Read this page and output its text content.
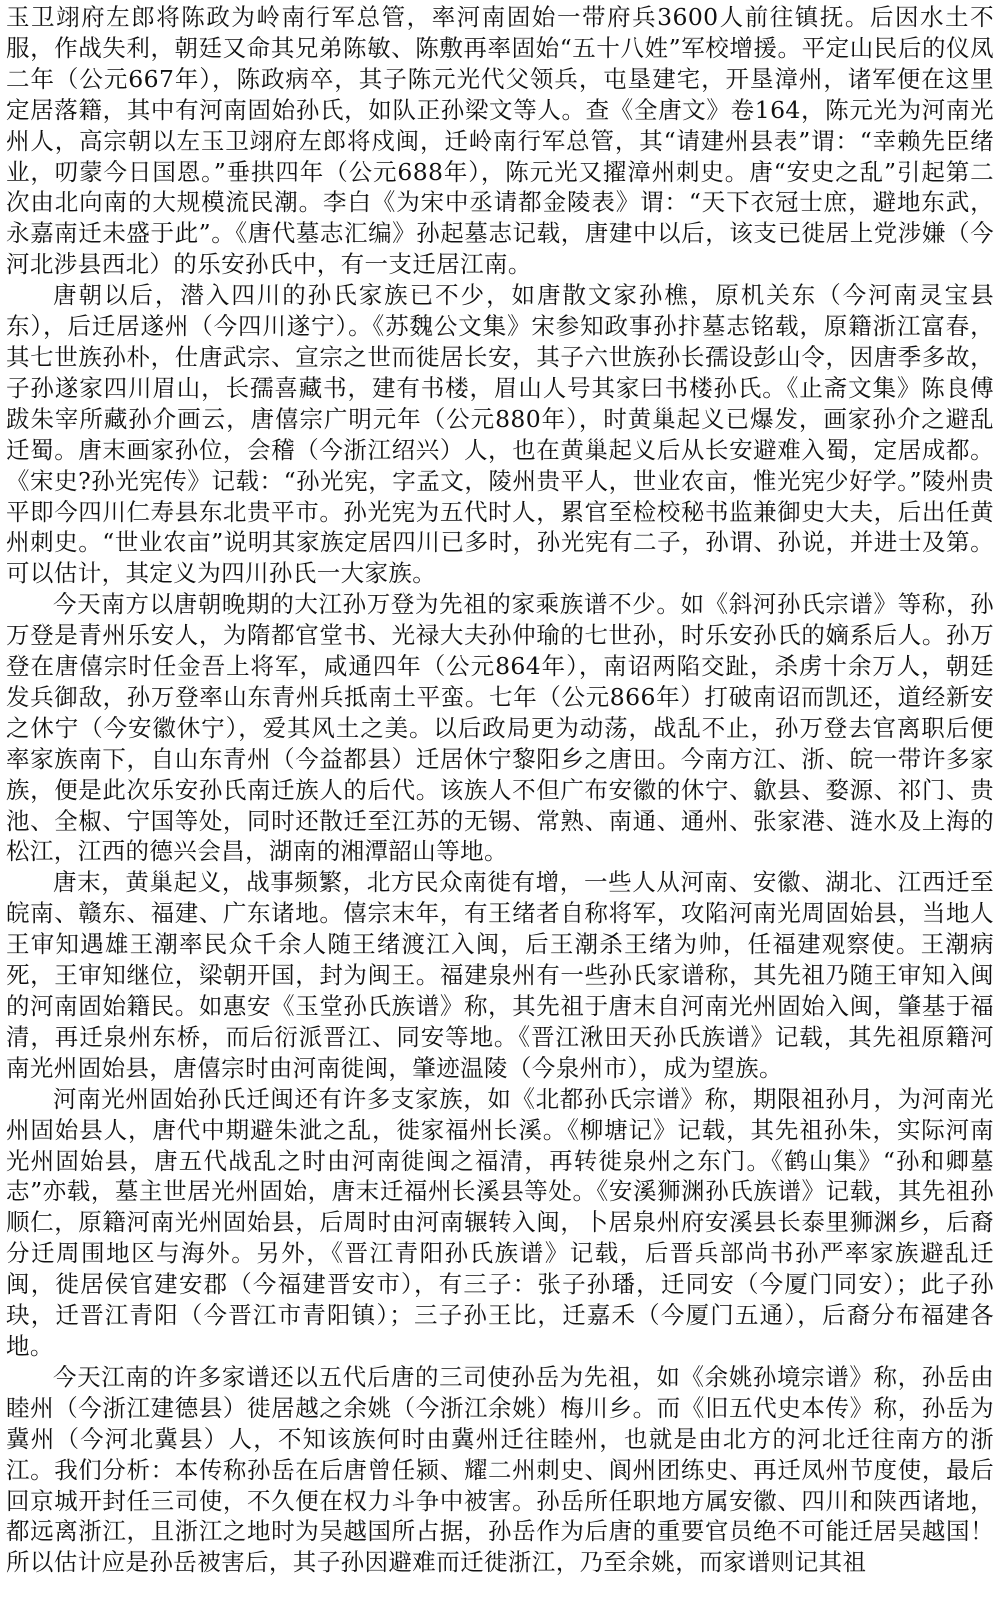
玉卫翊府左郎将陈政为岭南行军总管，率河南固始一带府兵3600人前往镇抚。后因水土不服，作战失利，朝廷又命其兄弟陈敏、陈敷再率固始“五十八姓”军校增援。平定山民后的仪凤二年（公元667年），陈政病卒，其子陈元光代父领兵，屯垦建宅，开垦漳州，诸军便在这里定居落籍，其中有河南固始孙氏，如队正孙梁文等人。查《全唐文》卷164，陈元光为河南光州人，高宗朝以左玉卫翊府左郎将戍闽，迁岭南行军总管，其“请建州县表”谓：“幸赖先臣绪业，叨蒙今日国恩。”垂拱四年（公元688年），陈元光又擢漳州刺史。唐“安史之乱”引起第二次由北向南的大规模流民潮。李白《为宋中丞请都金陵表》谓：“天下衣冠士庶，避地东武，永嘉南迁未盛于此”。《唐代墓志汇编》孙起墓志记载，唐建中以后，该支已徙居上党涉嫌（今河北涉县西北）的乐安孙氏中，有一支迁居江南。

唐朝以后，潜入四川的孙氏家族已不少，如唐散文家孙樵，原机关东（今河南灵宝县东），后迁居遂州（今四川遂宁）。《苏魏公文集》宋参知政事孙抃墓志铭载，原籍浙江富春，其七世族孙朴，仕唐武宗、宣宗之世而徙居长安，其子六世族孙长孺设彭山令，因唐季多故，子孙遂家四川眉山，长孺喜藏书，建有书楼，眉山人号其家曰书楼孙氏。《止斋文集》陈良傅跋朱宰所藏孙介画云，唐僖宗广明元年（公元880年），时黄巢起义已爆发，画家孙介之避乱迁蜀。唐末画家孙位，会稽（今浙江绍兴）人，也在黄巢起义后从长安避难入蜀，定居成都。《宋史?孙光宪传》记载：“孙光宪，字孟文，陵州贵平人，世业农亩，惟光宪少好学。”陵州贵平即今四川仁寿县东北贵平市。孙光宪为五代时人，累官至检校秘书监兼御史大夫，后出任黄州刺史。“世业农亩”说明其家族定居四川已多时，孙光宪有二子，孙谓、孙说，并进士及第。可以估计，其定义为四川孙氏一大家族。

今天南方以唐朝晚期的大江孙万登为先祖的家乘族谱不少。如《斜河孙氏宗谱》等称，孙万登是青州乐安人，为隋都官堂书、光禄大夫孙仲瑜的七世孙，时乐安孙氏的嫡系后人。孙万登在唐僖宗时任金吾上将军，咸通四年（公元864年），南诏两陷交趾，杀虏十余万人，朝廷发兵御敌，孙万登率山东青州兵抵南土平蛮。七年（公元866年）打破南诏而凯还，道经新安之休宁（今安徽休宁），爱其风土之美。以后政局更为动荡，战乱不止，孙万登去官离职后便率家族南下，自山东青州（今益都县）迁居休宁黎阳乡之唐田。今南方江、浙、皖一带许多家族，便是此次乐安孙氏南迁族人的后代。该族人不但广布安徽的休宁、歙县、婺源、祁门、贵池、全椒、宁国等处，同时还散迁至江苏的无锡、常熟、南通、通州、张家港、涟水及上海的松江，江西的德兴会昌，湖南的湘潭韶山等地。

唐末，黄巢起义，战事频繁，北方民众南徙有增，一些人从河南、安徽、湖北、江西迁至皖南、赣东、福建、广东诸地。僖宗末年，有王绪者自称将军，攻陷河南光周固始县，当地人王审知遇雄王潮率民众千余人随王绪渡江入闽，后王潮杀王绪为帅，任福建观察使。王潮病死，王审知继位，梁朝开国，封为闽王。福建泉州有一些孙氏家谱称，其先祖乃随王审知入闽的河南固始籍民。如惠安《玉堂孙氏族谱》称，其先祖于唐末自河南光州固始入闽，肇基于福清，再迁泉州东桥，而后衍派晋江、同安等地。《晋江湫田天孙氏族谱》记载，其先祖原籍河南光州固始县，唐僖宗时由河南徙闽，肇迹温陵（今泉州市），成为望族。

河南光州固始孙氏迁闽还有许多支家族，如《北都孙氏宗谱》称，期限祖孙月，为河南光州固始县人，唐代中期避朱泚之乱，徙家福州长溪。《柳塘记》记载，其先祖孙朱，实际河南光州固始县，唐五代战乱之时由河南徙闽之福清，再转徙泉州之东门。《鹤山集》“孙和卿墓志”亦载，墓主世居光州固始，唐末迁福州长溪县等处。《安溪狮渊孙氏族谱》记载，其先祖孙顺仁，原籍河南光州固始县，后周时由河南辗转入闽，卜居泉州府安溪县长泰里狮渊乡，后裔分迁周围地区与海外。另外，《晋江青阳孙氏族谱》记载，后晋兵部尚书孙严率家族避乱迁闽，徙居侯官建安郡（今福建晋安市），有三子：张子孙璠，迁同安（今厦门同安）；此子孙玦，迁晋江青阳（今晋江市青阳镇）；三子孙王比，迁嘉禾（今厦门五通），后裔分布福建各地。

今天江南的许多家谱还以五代后唐的三司使孙岳为先祖，如《余姚孙境宗谱》称，孙岳由睦州（今浙江建德县）徙居越之余姚（今浙江余姚）梅川乡。而《旧五代史本传》称，孙岳为冀州（今河北冀县）人，不知该族何时由冀州迁往睦州，也就是由北方的河北迁往南方的浙江。我们分析：本传称孙岳在后唐曾任颍、耀二州刺史、阆州团练史、再迁凤州节度使，最后回京城开封任三司使，不久便在权力斗争中被害。孙岳所任职地方属安徽、四川和陕西诸地，都远离浙江，且浙江之地时为吴越国所占据，孙岳作为后唐的重要官员绝不可能迁居吴越国！所以估计应是孙岳被害后，其子孙因避难而迁徙浙江，乃至余姚，而家谱则记其祖
